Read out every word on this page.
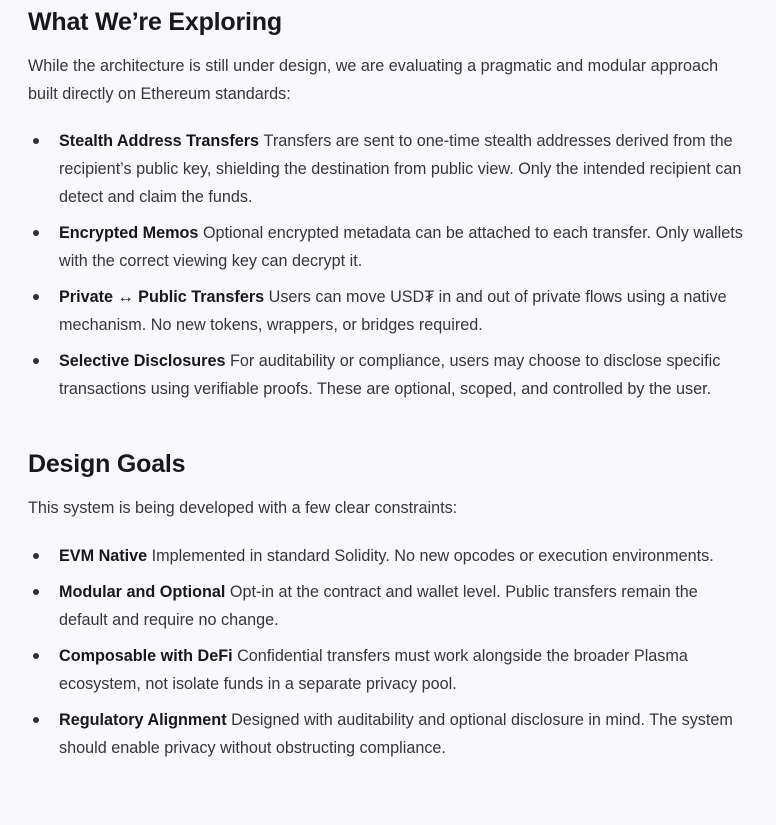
What We’re Exploring

While the architecture is still under design, we are evaluating a pragmatic and modular approach built directly on Ethereum standards:

Stealth Address Transfers Transfers are sent to one-time stealth addresses derived from the recipient’s public key, shielding the destination from public view. Only the intended recipient can detect and claim the funds.
Encrypted Memos Optional encrypted metadata can be attached to each transfer. Only wallets with the correct viewing key can decrypt it.
Private ↔ Public Transfers Users can move USD₮ in and out of private flows using a native mechanism. No new tokens, wrappers, or bridges required.
Selective Disclosures For auditability or compliance, users may choose to disclose specific transactions using verifiable proofs. These are optional, scoped, and controlled by the user.
Design Goals

This system is being developed with a few clear constraints:

EVM Native Implemented in standard Solidity. No new opcodes or execution environments.
Modular and Optional Opt-in at the contract and wallet level. Public transfers remain the default and require no change.
Composable with DeFi Confidential transfers must work alongside the broader Plasma ecosystem, not isolate funds in a separate privacy pool.
Regulatory Alignment Designed with auditability and optional disclosure in mind. The system should enable privacy without obstructing compliance.
